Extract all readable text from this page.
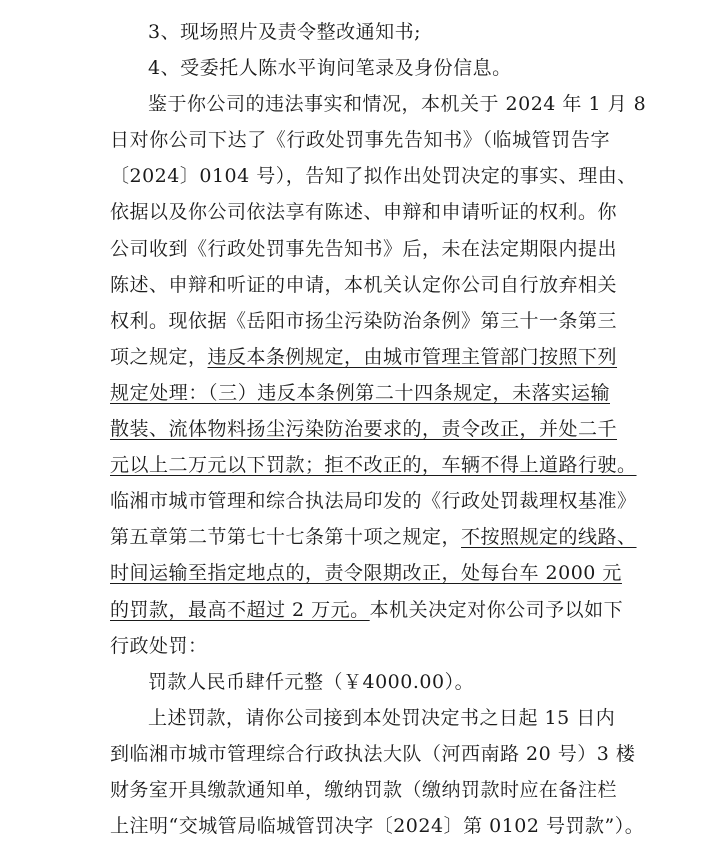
3、现场照片及责令整改通知书;
4、受委托人陈水平询问笔录及身份信息。
鉴于你公司的违法事实和情况，本机关于 2024 年 1 月 8
日对你公司下达了《行政处罚事先告知书》（临城管罚告字
〔2024〕0104 号），告知了拟作出处罚决定的事实、理由、
依据以及你公司依法享有陈述、申辩和申请听证的权利。你
公司收到《行政处罚事先告知书》后，未在法定期限内提出
陈述、申辩和听证的申请，本机关认定你公司自行放弃相关
权利。现依据《岳阳市扬尘污染防治条例》第三十一条第三
项之规定，违反本条例规定，由城市管理主管部门按照下列
规定处理：（三）违反本条例第二十四条规定，未落实运输
散装、流体物料扬尘污染防治要求的，责令改正，并处二千
元以上二万元以下罚款；拒不改正的，车辆不得上道路行驶。
临湘市城市管理和综合执法局印发的《行政处罚裁理权基准》
第五章第二节第七十七条第十项之规定，不按照规定的线路、
时间运输至指定地点的，责令限期改正，处每台车 2000 元
的罚款，最高不超过 2 万元。本机关决定对你公司予以如下
行政处罚：
罚款人民币肆仟元整（￥4000.00）。
上述罚款，请你公司接到本处罚决定书之日起 15 日内
到临湘市城市管理综合行政执法大队（河西南路 20 号）3 楼
财务室开具缴款通知单，缴纳罚款（缴纳罚款时应在备注栏
上注明“交城管局临城管罚决字〔2024〕第 0102 号罚款”）。
